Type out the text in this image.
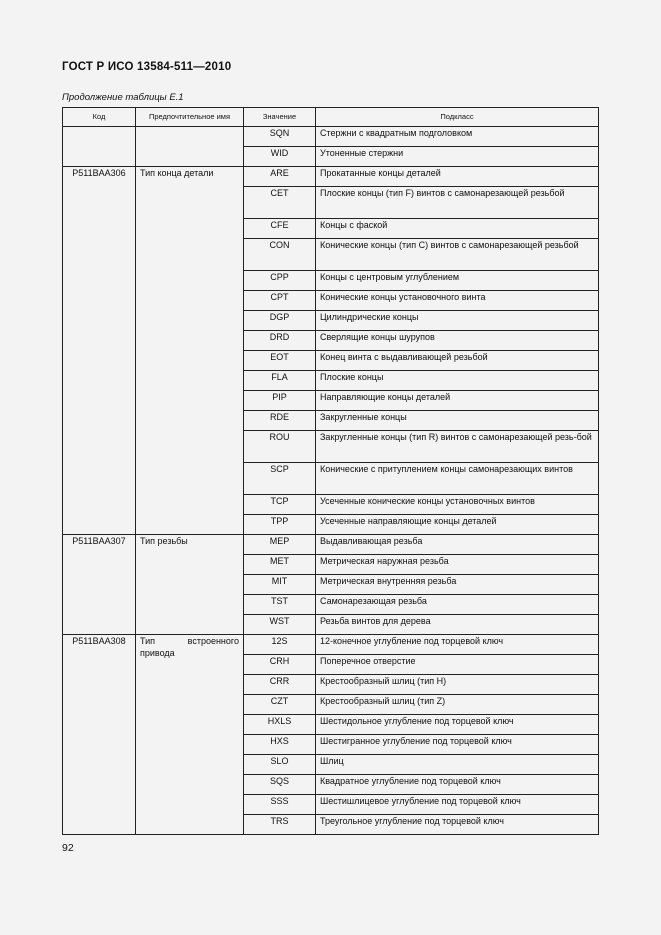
ГОСТ Р ИСО 13584-511—2010
Продолжение таблицы Е.1
Код	Предпочтительное имя	Значение	Подкласс
		SQN	Стержни с квадратным подголовком
		WID	Утоненные стержни
P511BAA306	Тип конца детали	ARE	Прокатанные концы деталей
		CET	Плоские концы (тип F) винтов с самонарезающей резьбой
		CFE	Концы с фаской
		CON	Конические концы (тип С) винтов с самонарезающей резьбой
		CPP	Концы с центровым углублением
		CPT	Конические концы установочного винта
		DGP	Цилиндрические концы
		DRD	Сверлящие концы шурупов
		EOT	Конец винта с выдавливающей резьбой
		FLA	Плоские концы
		PIP	Направляющие концы деталей
		RDE	Закругленные концы
		ROU	Закругленные концы (тип R) винтов с самонарезающей резь-бой
		SCP	Конические с притуплением концы самонарезающих винтов
		TCP	Усеченные конические концы установочных винтов
		TPP	Усеченные направляющие концы деталей
P511BAA307	Тип резьбы	MEP	Выдавливающая резьба
		MET	Метрическая наружная резьба
		MIT	Метрическая внутренняя резьба
		TST	Самонарезающая резьба
		WST	Резьба винтов для дерева
P511BAA308	Тип встроенного привода	12S	12-конечное углубление под торцевой ключ
		CRH	Поперечное отверстие
		CRR	Крестообразный шлиц (тип Н)
		CZT	Крестообразный шлиц (тип Z)
		HXLS	Шестидольное углубление под торцевой ключ
		HXS	Шестигранное углубление под торцевой ключ
		SLO	Шлиц
		SQS	Квадратное углубление под торцевой ключ
		SSS	Шестишлицевое углубление под торцевой ключ
		TRS	Треугольное углубление под торцевой ключ
92
